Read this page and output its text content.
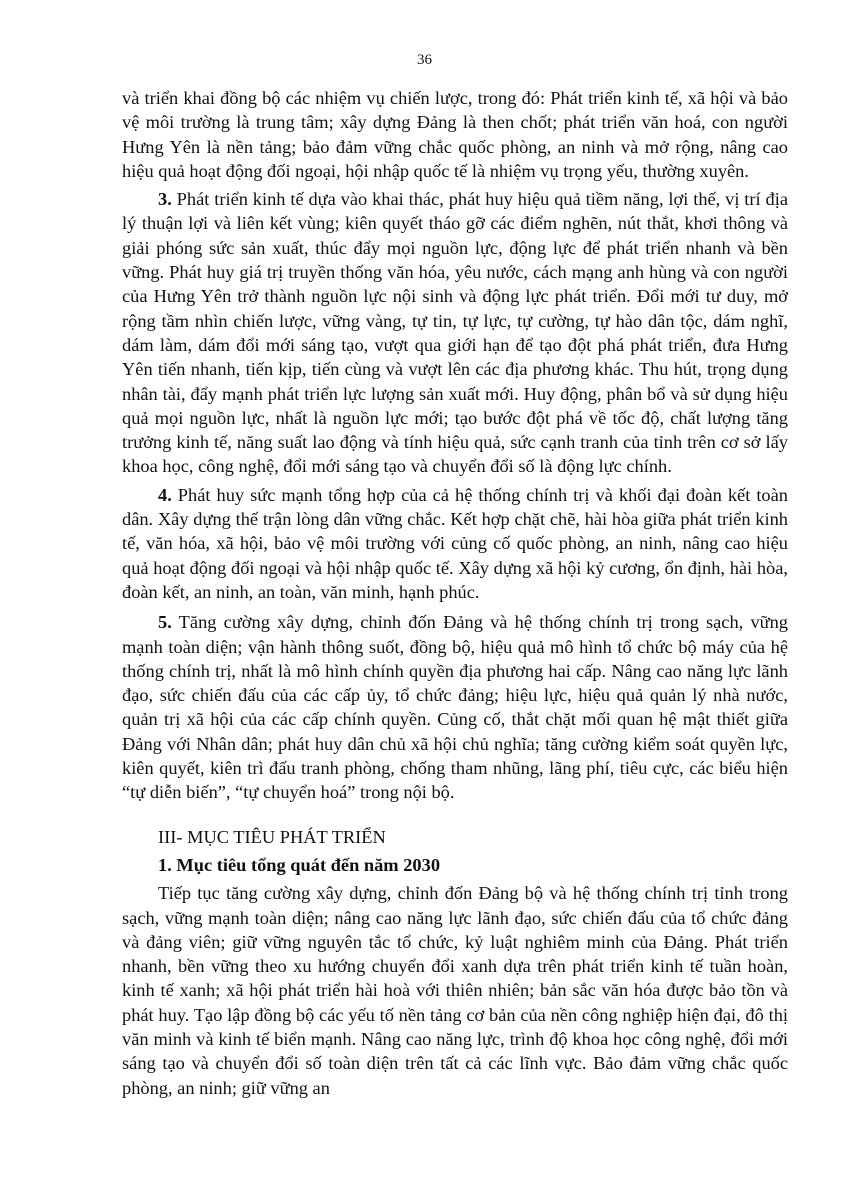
36

và triển khai đồng bộ các nhiệm vụ chiến lược, trong đó: Phát triển kinh tế, xã hội và bảo vệ môi trường là trung tâm; xây dựng Đảng là then chốt; phát triển văn hoá, con người Hưng Yên là nền tảng; bảo đảm vững chắc quốc phòng, an ninh và mở rộng, nâng cao hiệu quả hoạt động đối ngoại, hội nhập quốc tế là nhiệm vụ trọng yếu, thường xuyên.

3. Phát triển kinh tế dựa vào khai thác, phát huy hiệu quả tiềm năng, lợi thế, vị trí địa lý thuận lợi và liên kết vùng; kiên quyết tháo gỡ các điểm nghẽn, nút thắt, khơi thông và giải phóng sức sản xuất, thúc đẩy mọi nguồn lực, động lực để phát triển nhanh và bền vững. Phát huy giá trị truyền thống văn hóa, yêu nước, cách mạng anh hùng và con người của Hưng Yên trở thành nguồn lực nội sinh và động lực phát triển. Đổi mới tư duy, mở rộng tầm nhìn chiến lược, vững vàng, tự tin, tự lực, tự cường, tự hào dân tộc, dám nghĩ, dám làm, dám đổi mới sáng tạo, vượt qua giới hạn để tạo đột phá phát triển, đưa Hưng Yên tiến nhanh, tiến kịp, tiến cùng và vượt lên các địa phương khác. Thu hút, trọng dụng nhân tài, đẩy mạnh phát triển lực lượng sản xuất mới. Huy động, phân bổ và sử dụng hiệu quả mọi nguồn lực, nhất là nguồn lực mới; tạo bước đột phá về tốc độ, chất lượng tăng trưởng kinh tế, năng suất lao động và tính hiệu quả, sức cạnh tranh của tỉnh trên cơ sở lấy khoa học, công nghệ, đổi mới sáng tạo và chuyển đổi số là động lực chính.

4. Phát huy sức mạnh tổng hợp của cả hệ thống chính trị và khối đại đoàn kết toàn dân. Xây dựng thế trận lòng dân vững chắc. Kết hợp chặt chẽ, hài hòa giữa phát triển kinh tế, văn hóa, xã hội, bảo vệ môi trường với củng cố quốc phòng, an ninh, nâng cao hiệu quả hoạt động đối ngoại và hội nhập quốc tế. Xây dựng xã hội kỷ cương, ổn định, hài hòa, đoàn kết, an ninh, an toàn, văn minh, hạnh phúc.

5. Tăng cường xây dựng, chỉnh đốn Đảng và hệ thống chính trị trong sạch, vững mạnh toàn diện; vận hành thông suốt, đồng bộ, hiệu quả mô hình tổ chức bộ máy của hệ thống chính trị, nhất là mô hình chính quyền địa phương hai cấp. Nâng cao năng lực lãnh đạo, sức chiến đấu của các cấp ủy, tổ chức đảng; hiệu lực, hiệu quả quản lý nhà nước, quản trị xã hội của các cấp chính quyền. Củng cố, thắt chặt mối quan hệ mật thiết giữa Đảng với Nhân dân; phát huy dân chủ xã hội chủ nghĩa; tăng cường kiểm soát quyền lực, kiên quyết, kiên trì đấu tranh phòng, chống tham nhũng, lãng phí, tiêu cực, các biểu hiện “tự diễn biến”, “tự chuyển hoá” trong nội bộ.

III- MỤC TIÊU PHÁT TRIỂN
1. Mục tiêu tổng quát đến năm 2030

Tiếp tục tăng cường xây dựng, chỉnh đốn Đảng bộ và hệ thống chính trị tỉnh trong sạch, vững mạnh toàn diện; nâng cao năng lực lãnh đạo, sức chiến đấu của tổ chức đảng và đảng viên; giữ vững nguyên tắc tổ chức, kỷ luật nghiêm minh của Đảng. Phát triển nhanh, bền vững theo xu hướng chuyển đổi xanh dựa trên phát triển kinh tế tuần hoàn, kinh tế xanh; xã hội phát triển hài hoà với thiên nhiên; bản sắc văn hóa được bảo tồn và phát huy. Tạo lập đồng bộ các yếu tố nền tảng cơ bản của nền công nghiệp hiện đại, đô thị văn minh và kinh tế biển mạnh. Nâng cao năng lực, trình độ khoa học công nghệ, đổi mới sáng tạo và chuyển đổi số toàn diện trên tất cả các lĩnh vực. Bảo đảm vững chắc quốc phòng, an ninh; giữ vững an
